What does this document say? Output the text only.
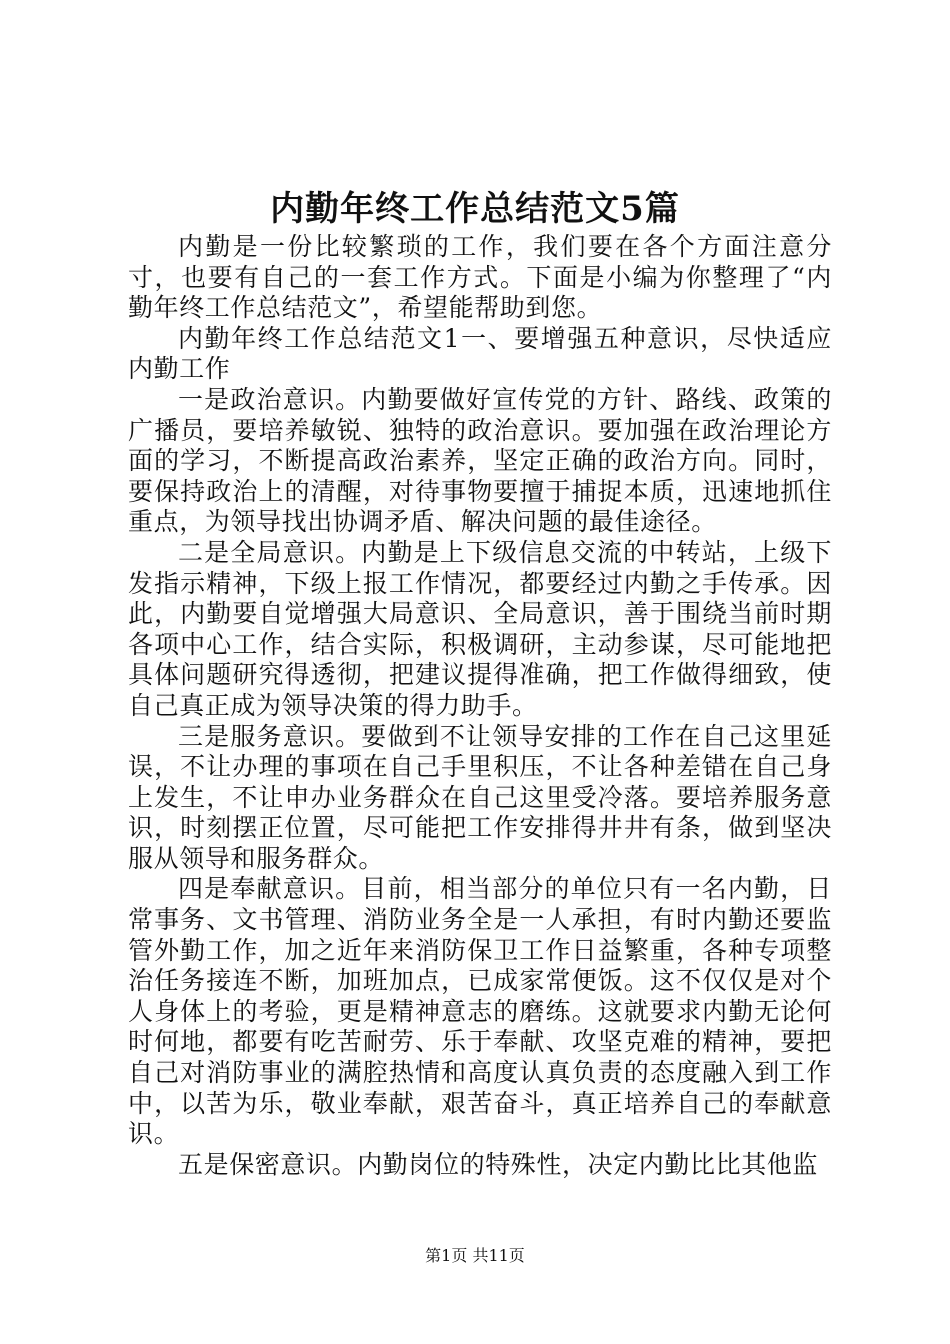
内勤年终工作总结范文5篇

内勤是一份比较繁琐的工作，我们要在各个方面注意分寸，也要有自己的一套工作方式。下面是小编为你整理了“内勤年终工作总结范文”，希望能帮助到您。

内勤年终工作总结范文1一、要增强五种意识，尽快适应内勤工作

一是政治意识。内勤要做好宣传党的方针、路线、政策的广播员，要培养敏锐、独特的政治意识。要加强在政治理论方面的学习，不断提高政治素养，坚定正确的政治方向。同时，要保持政治上的清醒，对待事物要擅于捕捉本质，迅速地抓住重点，为领导找出协调矛盾、解决问题的最佳途径。

二是全局意识。内勤是上下级信息交流的中转站，上级下发指示精神，下级上报工作情况，都要经过内勤之手传承。因此，内勤要自觉增强大局意识、全局意识，善于围绕当前时期各项中心工作，结合实际，积极调研，主动参谋，尽可能地把具体问题研究得透彻，把建议提得准确，把工作做得细致，使自己真正成为领导决策的得力助手。

三是服务意识。要做到不让领导安排的工作在自己这里延误，不让办理的事项在自己手里积压，不让各种差错在自己身上发生，不让申办业务群众在自己这里受冷落。要培养服务意识，时刻摆正位置，尽可能把工作安排得井井有条，做到坚决服从领导和服务群众。

四是奉献意识。目前，相当部分的单位只有一名内勤，日常事务、文书管理、消防业务全是一人承担，有时内勤还要监管外勤工作，加之近年来消防保卫工作日益繁重，各种专项整治任务接连不断，加班加点，已成家常便饭。这不仅仅是对个人身体上的考验，更是精神意志的磨练。这就要求内勤无论何时何地，都要有吃苦耐劳、乐于奉献、攻坚克难的精神，要把自己对消防事业的满腔热情和高度认真负责的态度融入到工作中，以苦为乐，敬业奉献，艰苦奋斗，真正培养自己的奉献意识。

五是保密意识。内勤岗位的特殊性，决定内勤比比其他监

第1页 共11页
